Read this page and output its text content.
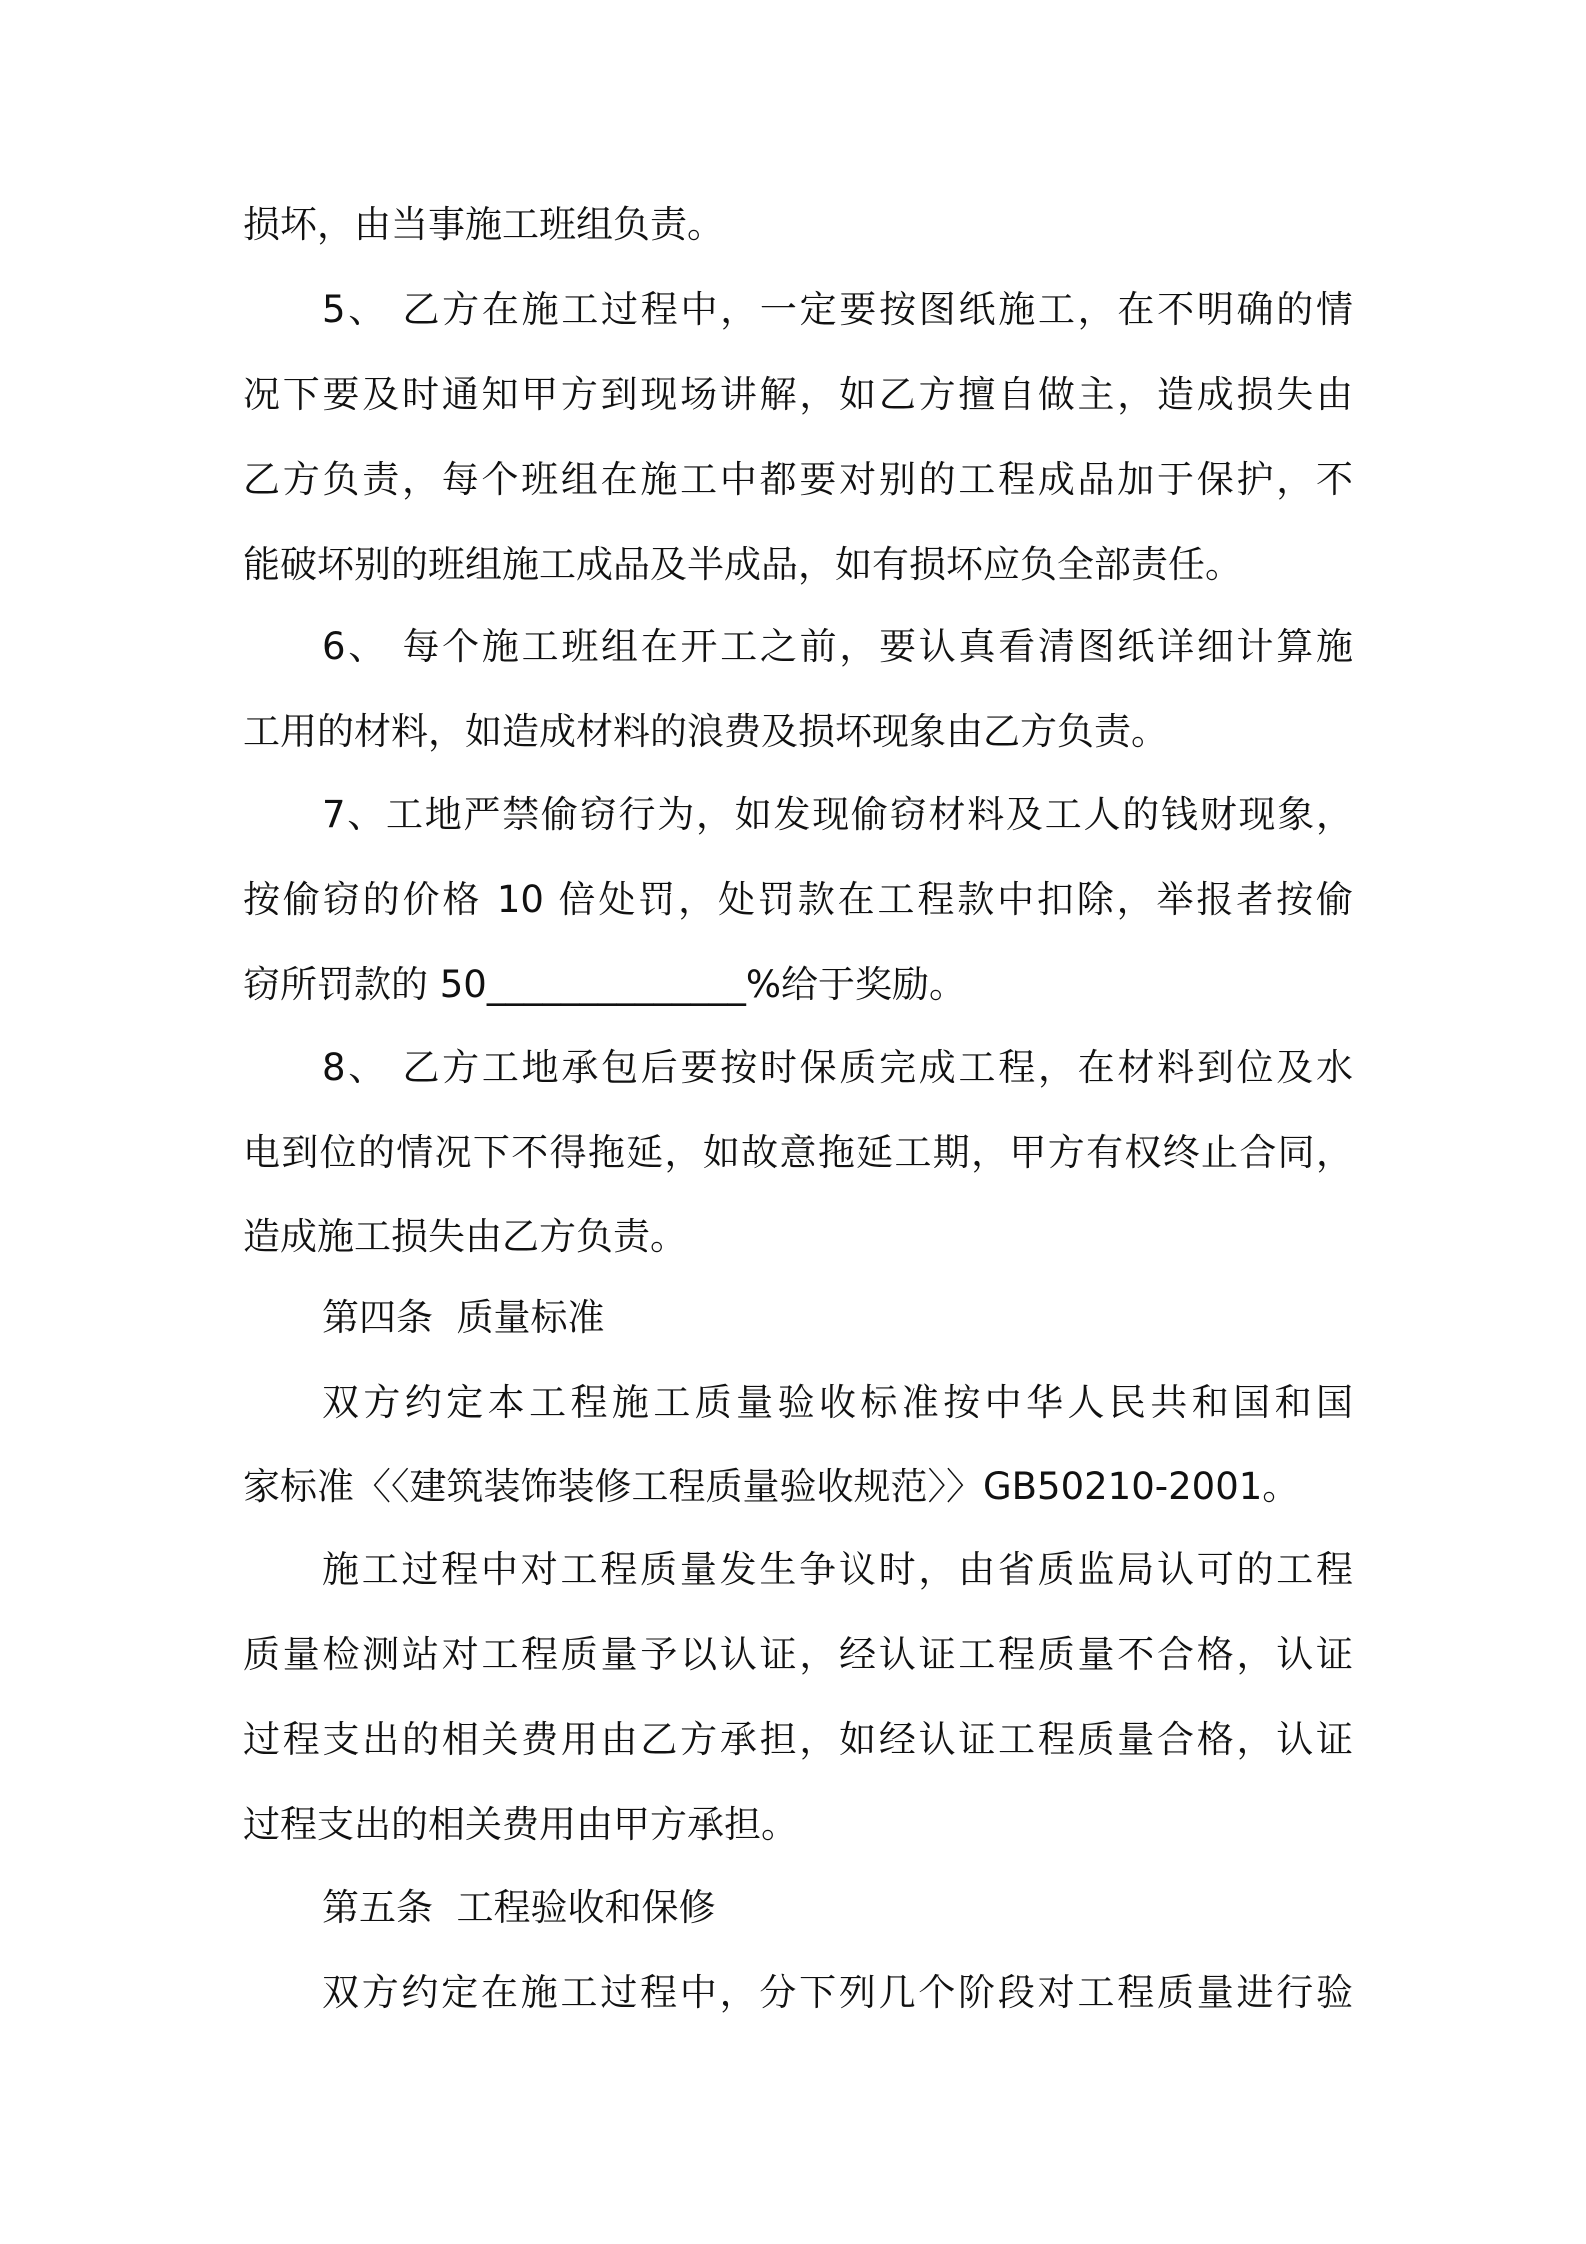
损坏，由当事施工班组负责。
5、 乙方在施工过程中，一定要按图纸施工，在不明确的情
况下要及时通知甲方到现场讲解，如乙方擅自做主，造成损失由
乙方负责，每个班组在施工中都要对别的工程成品加于保护，不
能破坏别的班组施工成品及半成品，如有损坏应负全部责任。
6、 每个施工班组在开工之前，要认真看清图纸详细计算施
工用的材料，如造成材料的浪费及损坏现象由乙方负责。
7、工地严禁偷窃行为，如发现偷窃材料及工人的钱财现象，
按偷窃的价格 10 倍处罚，处罚款在工程款中扣除，举报者按偷
窃所罚款的 50______________%给于奖励。
8、 乙方工地承包后要按时保质完成工程，在材料到位及水
电到位的情况下不得拖延，如故意拖延工期，甲方有权终止合同，
造成施工损失由乙方负责。
第四条  质量标准
双方约定本工程施工质量验收标准按中华人民共和国和国
家标准〈〈建筑装饰装修工程质量验收规范〉〉GB50210-2001。
施工过程中对工程质量发生争议时，由省质监局认可的工程
质量检测站对工程质量予以认证，经认证工程质量不合格，认证
过程支出的相关费用由乙方承担，如经认证工程质量合格，认证
过程支出的相关费用由甲方承担。
第五条  工程验收和保修
双方约定在施工过程中，分下列几个阶段对工程质量进行验
